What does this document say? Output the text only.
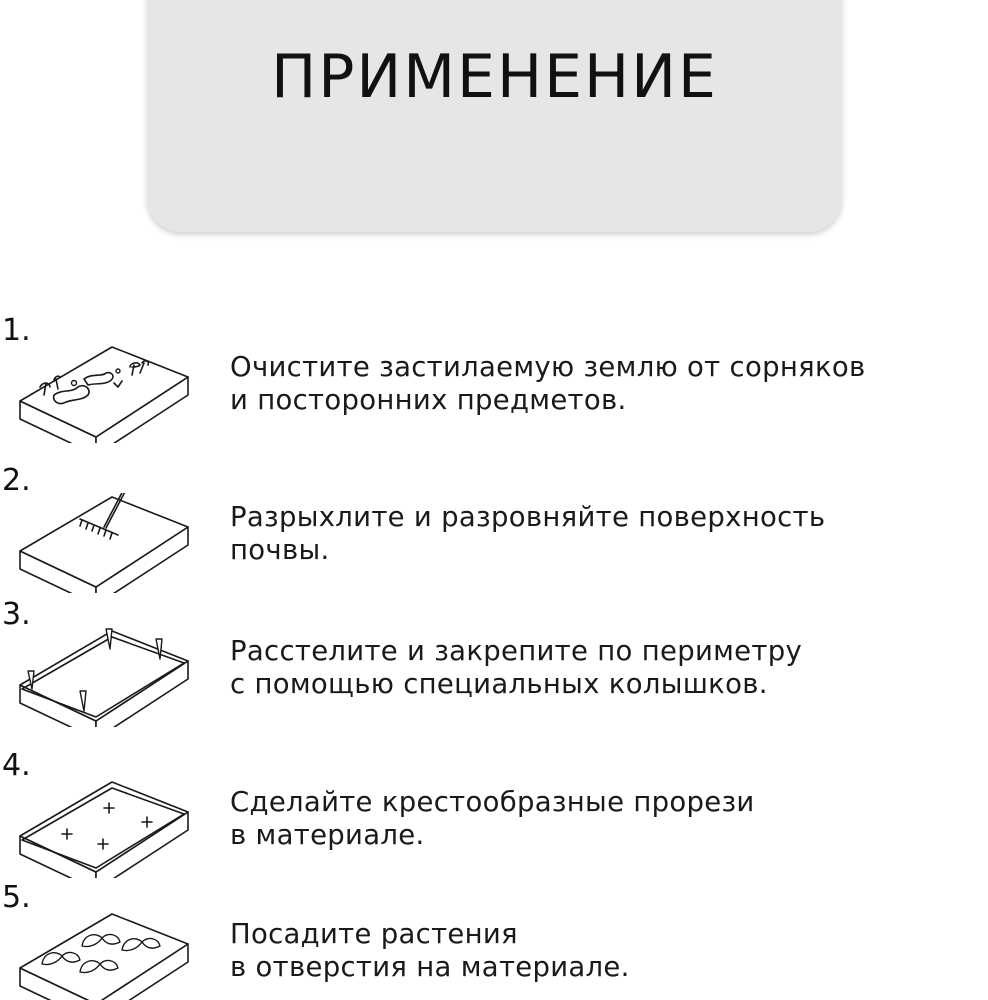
ПРИМЕНЕНИЕ
1.
Очистите застилаемую землю от сорняков
и посторонних предметов.
2.
Разрыхлите и разровняйте поверхность
почвы.
3.
Расстелите и закрепите по периметру
с помощью специальных колышков.
4.
Сделайте крестообразные прорези
в материале.
5.
Посадите растения
в отверстия на материале.
